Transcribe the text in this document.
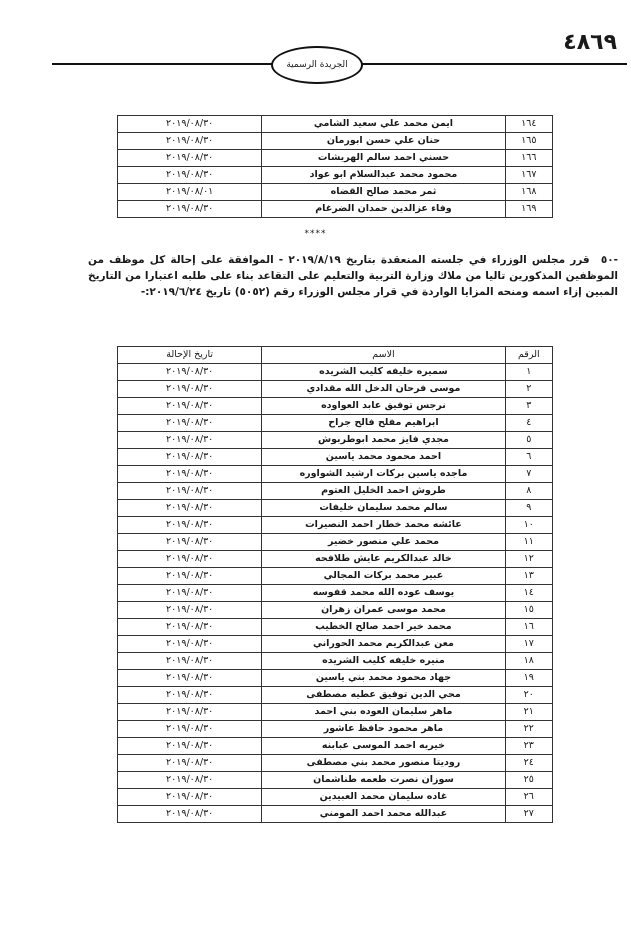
٤٨٦٩
الجريدة الرسمية
١٦٤	ايمن محمد علي سعيد الشامي	٢٠١٩/٠٨/٣٠
١٦٥	حنان علي حسن ابورمان	٢٠١٩/٠٨/٣٠
١٦٦	حسني احمد سالم الهريشات	٢٠١٩/٠٨/٣٠
١٦٧	محمود محمد عبدالسلام ابو عواد	٢٠١٩/٠٨/٣٠
١٦٨	ثمر محمد صالح القضاه	٢٠١٩/٠٨/٠١
١٦٩	وفاء عزالدين حمدان الضرغام	٢٠١٩/٠٨/٣٠
****
-٥٠ قرر مجلس الوزراء في جلسته المنعقدة بتاريخ ٢٠١٩/٨/١٩ - الموافقة على إحالة كل موظف من الموظفين المذكورين تاليا من ملاك وزارة التربية والتعليم على التقاعد بناء على طلبه اعتبارا من التاريخ المبين إزاء اسمه ومنحه المزايا الواردة في قرار مجلس الوزراء رقم (٥٠٥٢) تاريخ ٢٠١٩/٦/٢٤:-
الرقم	الاسم	تاريخ الإحالة
١	سميره خليفه كليب الشريده	٢٠١٩/٠٨/٣٠
٢	موسى فرحان الدخل الله مقدادي	٢٠١٩/٠٨/٣٠
٣	نرجس توفيق عابد العواوده	٢٠١٩/٠٨/٣٠
٤	ابراهيم مفلح فالح جراح	٢٠١٩/٠٨/٣٠
٥	مجدي فايز محمد ابوطربوش	٢٠١٩/٠٨/٣٠
٦	احمد محمود محمد ياسين	٢٠١٩/٠٨/٣٠
٧	ماجده ياسين بركات ارشيد الشواوره	٢٠١٩/٠٨/٣٠
٨	طروش احمد الخليل العتوم	٢٠١٩/٠٨/٣٠
٩	سالم محمد سليمان خليفات	٢٠١٩/٠٨/٣٠
١٠	عائشه محمد خطار احمد النصيرات	٢٠١٩/٠٨/٣٠
١١	محمد علي منصور خضير	٢٠١٩/٠٨/٣٠
١٢	خالد عبدالكريم عايش طلافحه	٢٠١٩/٠٨/٣٠
١٣	عبير محمد بركات المجالي	٢٠١٩/٠٨/٣٠
١٤	يوسف عوده الله محمد قفوسه	٢٠١٩/٠٨/٣٠
١٥	محمد موسى عمران زهران	٢٠١٩/٠٨/٣٠
١٦	محمد خير احمد صالح الخطيب	٢٠١٩/٠٨/٣٠
١٧	معن عبدالكريم محمد الحوراني	٢٠١٩/٠٨/٣٠
١٨	منيره خليفه كليب الشريده	٢٠١٩/٠٨/٣٠
١٩	جهاد محمود محمد بني ياسين	٢٠١٩/٠٨/٣٠
٢٠	محي الدين توفيق عطيه مصطفى	٢٠١٩/٠٨/٣٠
٢١	ماهر سليمان العوده بني احمد	٢٠١٩/٠٨/٣٠
٢٢	ماهر محمود حافظ عاشور	٢٠١٩/٠٨/٣٠
٢٣	خيريه احمد الموسى عبابنه	٢٠١٩/٠٨/٣٠
٢٤	روديتا منصور محمد بني مصطفى	٢٠١٩/٠٨/٣٠
٢٥	سوزان نصرت طعمه طناشمان	٢٠١٩/٠٨/٣٠
٢٦	غاده سليمان محمد العبيدين	٢٠١٩/٠٨/٣٠
٢٧	عبدالله محمد احمد المومني	٢٠١٩/٠٨/٣٠
